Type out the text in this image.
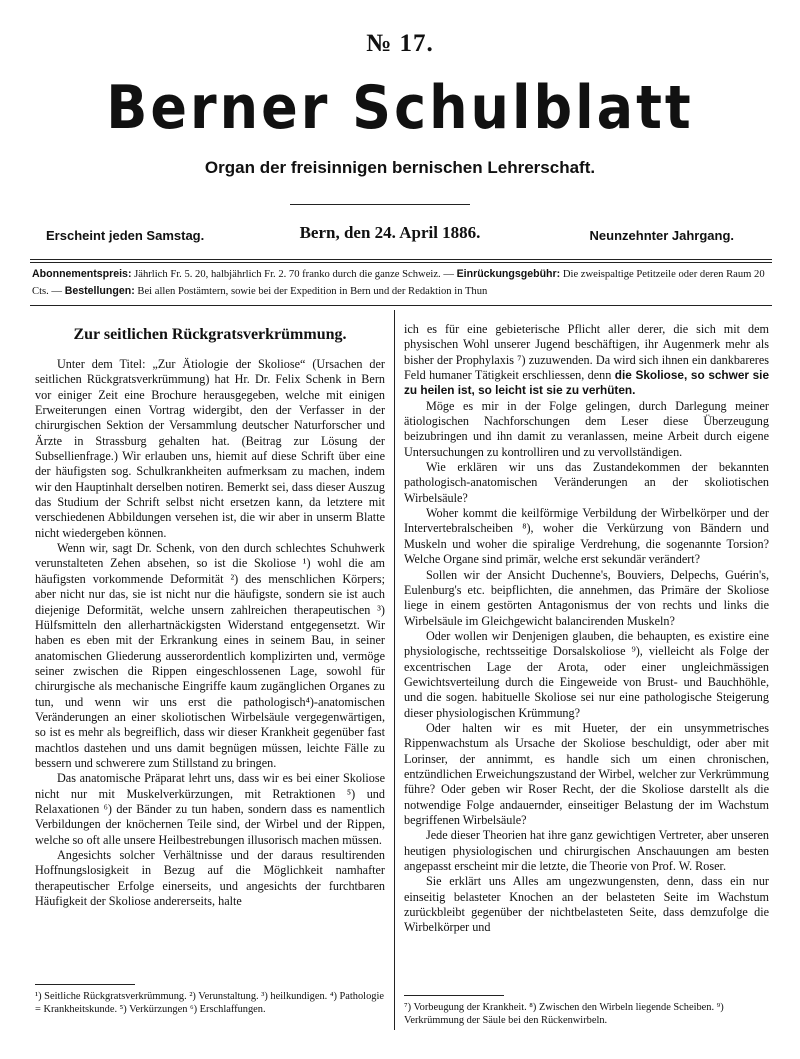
№ 17.
Berner Schulblatt
Organ der freisinnigen bernischen Lehrerschaft.
Erscheint jeden Samstag.	Bern, den 24. April 1886.	Neunzehnter Jahrgang.
Abonnementspreis: Jährlich Fr. 5. 20, halbjährlich Fr. 2. 70 franko durch die ganze Schweiz. — Einrückungsgebühr: Die zweispaltige Petitzeile oder deren Raum 20 Cts. — Bestellungen: Bei allen Postämtern, sowie bei der Expedition in Bern und der Redaktion in Thun
Zur seitlichen Rückgratsverkrümmung.

Unter dem Titel: „Zur Ätiologie der Skoliose“ (Ursachen der seitlichen Rückgratsverkrümmung) hat Hr. Dr. Felix Schenk in Bern vor einiger Zeit eine Brochure herausgegeben, welche mit einigen Erweiterungen einen Vortrag widergibt, den der Verfasser in der chirurgischen Sektion der Versammlung deutscher Naturforscher und Ärzte in Strassburg gehalten hat. (Beitrag zur Lösung der Subsellienfrage.) Wir erlauben uns, hiemit auf diese Schrift über eine der häufigsten sog. Schulkrankheiten aufmerksam zu machen, indem wir den Hauptinhalt derselben notiren. Bemerkt sei, dass dieser Auszug das Studium der Schrift selbst nicht ersetzen kann, da letztere mit verschiedenen Abbildungen versehen ist, die wir aber in unserm Blatte nicht wiedergeben können.

Wenn wir, sagt Dr. Schenk, von den durch schlechtes Schuhwerk verunstalteten Zehen absehen, so ist die Skoliose ¹) wohl die am häufigsten vorkommende Deformität ²) des menschlichen Körpers; aber nicht nur das, sie ist nicht nur die häufigste, sondern sie ist auch diejenige Deformität, welche unsern zahlreichen therapeutischen ³) Hülfsmitteln den allerhartnäckigsten Widerstand entgegensetzt. Wir haben es eben mit der Erkrankung eines in seinem Bau, in seiner anatomischen Gliederung ausserordentlich komplizirten und, vermöge seiner zwischen die Rippen eingeschlossenen Lage, sowohl für chirurgische als mechanische Eingriffe kaum zugänglichen Organes zu tun, und wenn wir uns erst die pathologisch⁴)-anatomischen Veränderungen an einer skoliotischen Wirbelsäule vergegenwärtigen, so ist es mehr als begreiflich, dass wir dieser Krankheit gegenüber fast machtlos dastehen und uns damit begnügen müssen, leichte Fälle zu bessern und schwerere zum Stillstand zu bringen.

Das anatomische Präparat lehrt uns, dass wir es bei einer Skoliose nicht nur mit Muskelverkürzungen, mit Retraktionen ⁵) und Relaxationen ⁶) der Bänder zu tun haben, sondern dass es namentlich Verbildungen der knöchernen Teile sind, der Wirbel und der Rippen, welche so oft alle unsere Heilbestrebungen illusorisch machen müssen.

Angesichts solcher Verhältnisse und der daraus resultirenden Hoffnungslosigkeit in Bezug auf die Möglichkeit namhafter therapeutischer Erfolge einerseits, und angesichts der furchtbaren Häufigkeit der Skoliose andererseits, halte

ich es für eine gebieterische Pflicht aller derer, die sich mit dem physischen Wohl unserer Jugend beschäftigen, ihr Augenmerk mehr als bisher der Prophylaxis ⁷) zuzuwenden. Da wird sich ihnen ein dankbareres Feld humaner Tätigkeit erschliessen, denn die Skoliose, so schwer sie zu heilen ist, so leicht ist sie zu verhüten.

Möge es mir in der Folge gelingen, durch Darlegung meiner ätiologischen Nachforschungen dem Leser diese Überzeugung beizubringen und ihn damit zu veranlassen, meine Arbeit durch eigene Untersuchungen zu kontrolliren und zu vervollständigen.

Wie erklären wir uns das Zustandekommen der bekannten pathologisch-anatomischen Veränderungen an der skoliotischen Wirbelsäule?

Woher kommt die keilförmige Verbildung der Wirbelkörper und der Intervertebralscheiben ⁸), woher die Verkürzung von Bändern und Muskeln und woher die spiralige Verdrehung, die sogenannte Torsion? Welche Organe sind primär, welche erst sekundär verändert?

Sollen wir der Ansicht Duchenne's, Bouviers, Delpechs, Guérin's, Eulenburg's etc. beipflichten, die annehmen, das Primäre der Skoliose liege in einem gestörten Antagonismus der von rechts und links die Wirbelsäule im Gleichgewicht balancirenden Muskeln?

Oder wollen wir Denjenigen glauben, die behaupten, es existire eine physiologische, rechtsseitige Dorsalskoliose ⁹), vielleicht als Folge der excentrischen Lage der Arota, oder einer ungleichmässigen Gewichtsverteilung durch die Eingeweide von Brust- und Bauchhöhle, und die sogen. habituelle Skoliose sei nur eine pathologische Steigerung dieser physiologischen Krümmung?

Oder halten wir es mit Hueter, der ein unsymmetrisches Rippenwachstum als Ursache der Skoliose beschuldigt, oder aber mit Lorinser, der annimmt, es handle sich um einen chronischen, entzündlichen Erweichungszustand der Wirbel, welcher zur Verkrümmung führe? Oder geben wir Roser Recht, der die Skoliose darstellt als die notwendige Folge andauernder, einseitiger Belastung der im Wachstum begriffenen Wirbelsäule?

Jede dieser Theorien hat ihre ganz gewichtigen Vertreter, aber unseren heutigen physiologischen und chirurgischen Anschauungen am besten angepasst erscheint mir die letzte, die Theorie von Prof. W. Roser.

Sie erklärt uns Alles am ungezwungensten, denn, dass ein nur einseitig belasteter Knochen an der belasteten Seite im Wachstum zurückbleibt gegenüber der nichtbelasteten Seite, dass demzufolge die Wirbelkörper und

¹) Seitliche Rückgratsverkrümmung. ²) Verunstaltung. ³) heilkundigen. ⁴) Pathologie = Krankheitskunde. ⁵) Verkürzungen ⁶) Erschlaffungen.	⁷) Vorbeugung der Krankheit. ⁸) Zwischen den Wirbeln liegende Scheiben. ⁹) Verkrümmung der Säule bei den Rückenwirbeln.
